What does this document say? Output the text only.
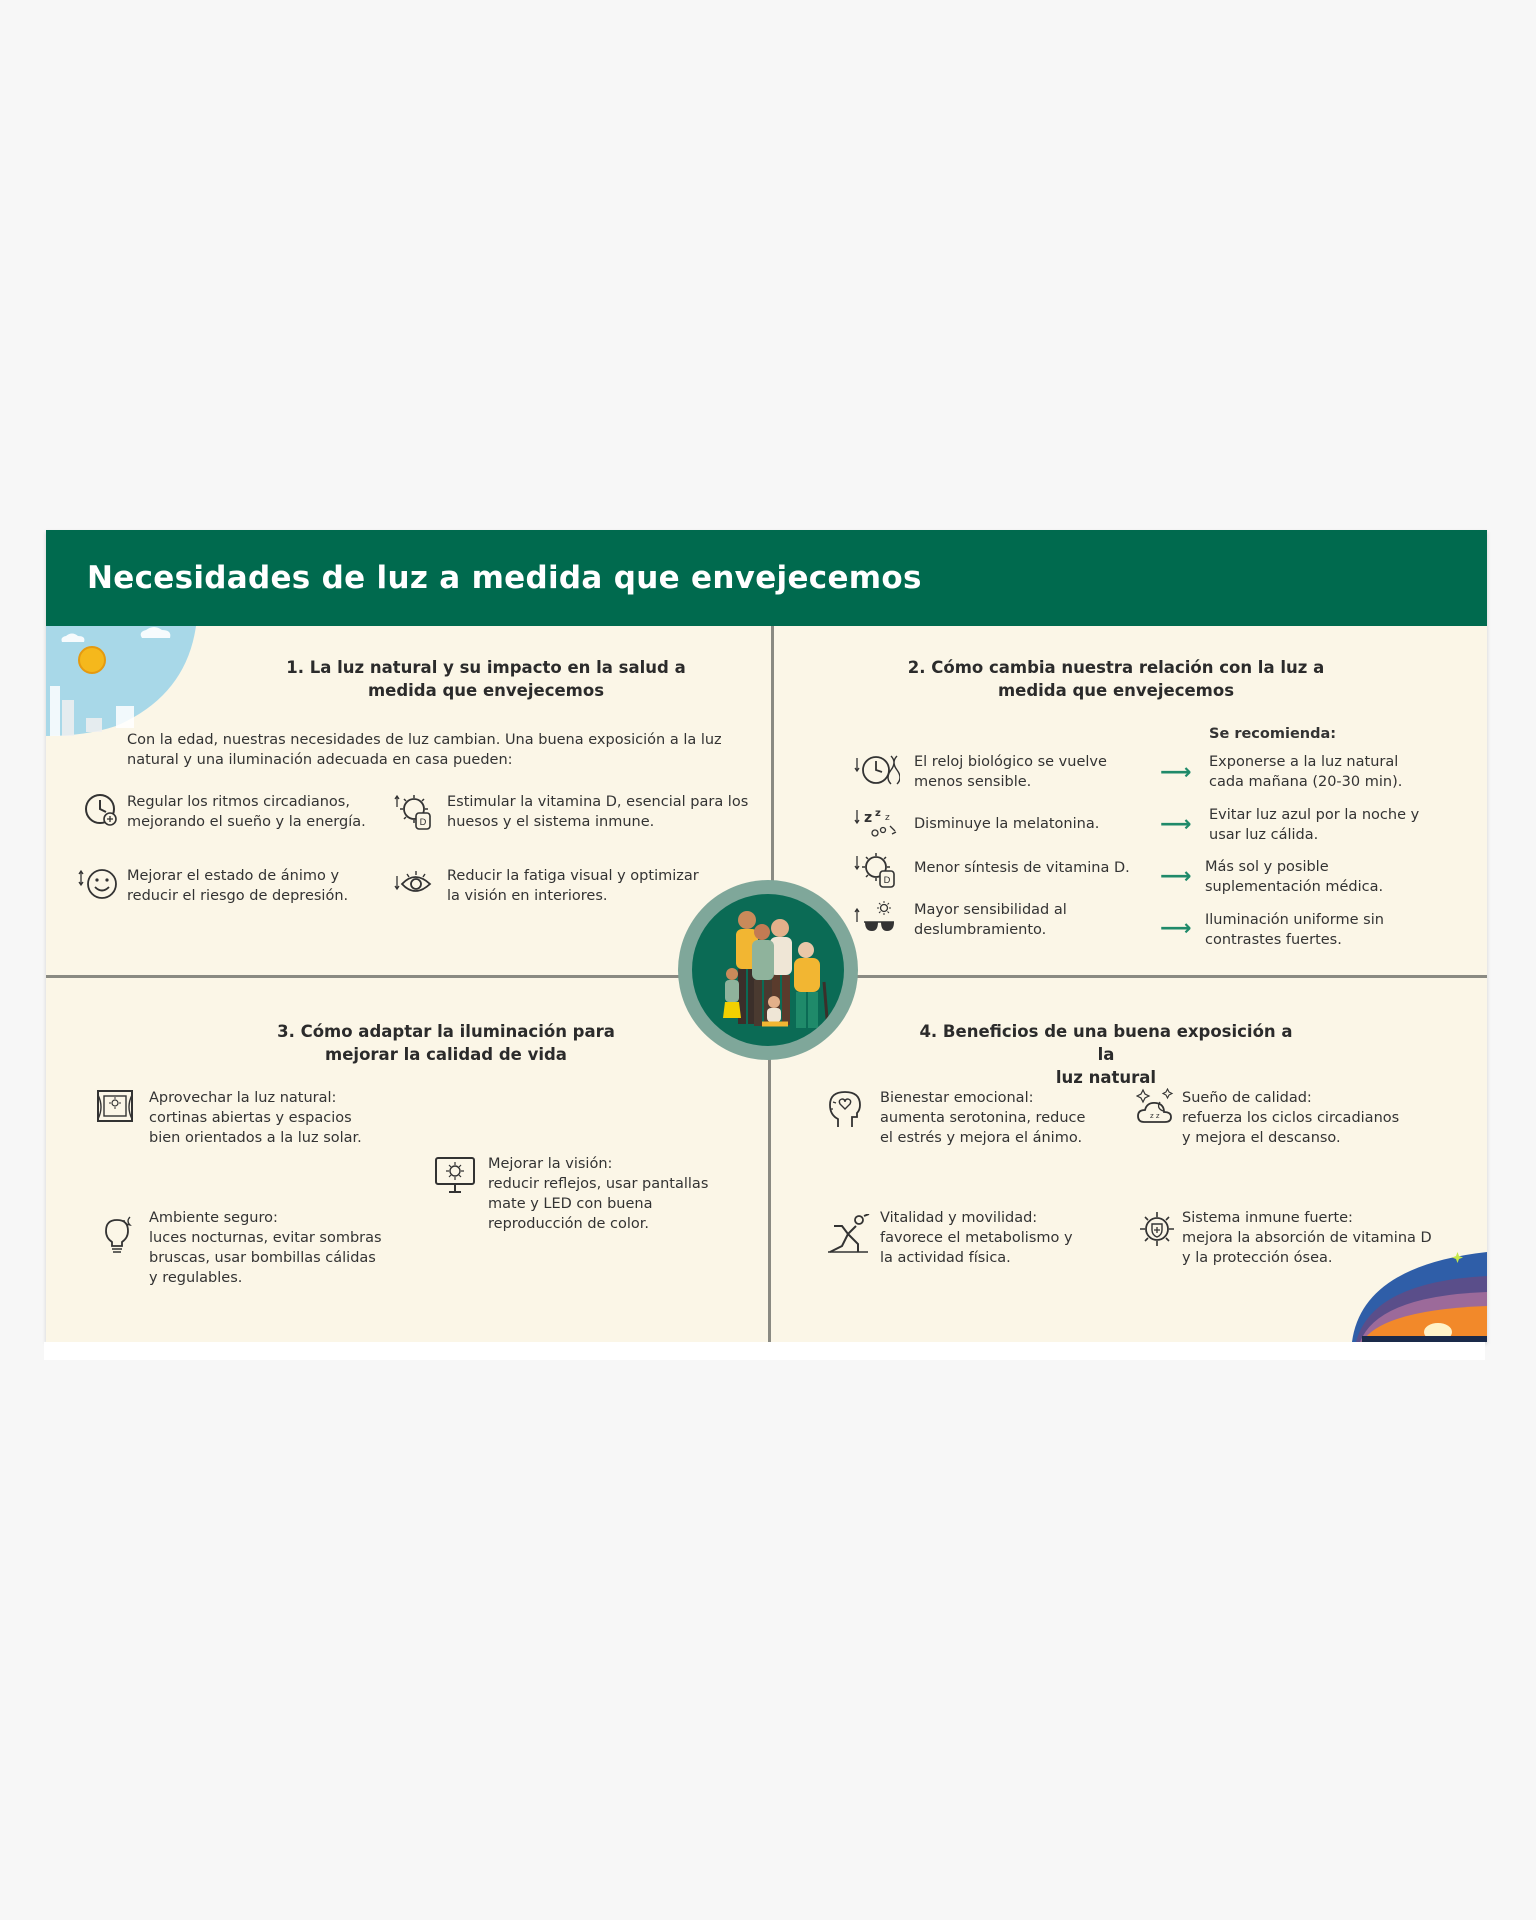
Necesidades de luz a medida que envejecemos
1. La luz natural y su impacto en la salud a
medida que envejecemos
Con la edad, nuestras necesidades de luz cambian. Una buena exposición a la luz
natural y una iluminación adecuada en casa pueden:
Regular los ritmos circadianos,
mejorando el sueño y la energía.	D
Estimular la vitamina D, esencial para los
huesos y el sistema inmune.
Mejorar el estado de ánimo y
reducir el riesgo de depresión.
Reducir la fatiga visual y optimizar
la visión en interiores.
2. Cómo cambia nuestra relación con la luz a
medida que envejecemos
Se recomienda:
El reloj biológico se vuelve
menos sensible.
z z z Disminuye la melatonina.
D
Menor síntesis de vitamina D.
Mayor sensibilidad al
deslumbramiento.
⟶ Exponerse a la luz natural
cada mañana (20-30 min).
⟶ Evitar luz azul por la noche y
usar luz cálida.
⟶ Más sol y posible
suplementación médica.
⟶ Iluminación uniforme sin
contrastes fuertes.
3. Cómo adaptar la iluminación para
mejorar la calidad de vida
Aprovechar la luz natural:
cortinas abiertas y espacios
bien orientados a la luz solar.
Mejorar la visión:
reducir reflejos, usar pantallas
mate y LED con buena
reproducción de color.
Ambiente seguro:
luces nocturnas, evitar sombras
bruscas, usar bombillas cálidas
y regulables.
4. Beneficios de una buena exposición a la
luz natural
Bienestar emocional:
aumenta serotonina, reduce
el estrés y mejora el ánimo.
z z
Sueño de calidad:
refuerza los ciclos circadianos
y mejora el descanso.
Vitalidad y movilidad:
favorece el metabolismo y
la actividad física.
Sistema inmune fuerte:
mejora la absorción de vitamina D
y la protección ósea.
